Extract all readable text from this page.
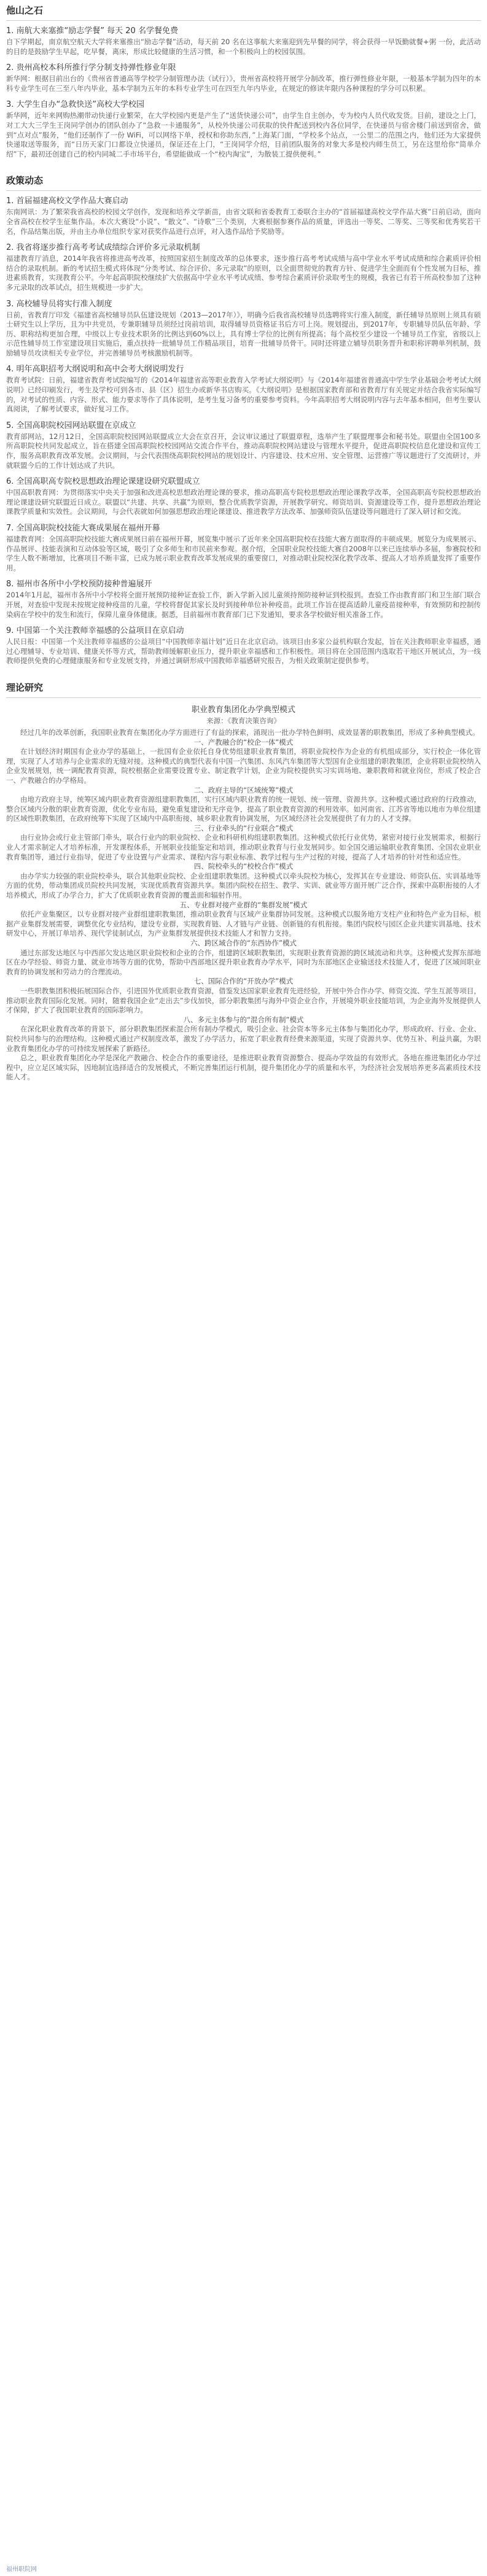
他山之石
1. 南航大来塞推“励志学餐” 每天 20 名学餐免费

自下学期起，南京航空航天大学将来塞推出“励志学餐”活动，每天前 20 名在这事航大来塞迎到先早餐的同学，将会获得一早饭勤就餐+粥 一份，此活动的目的是鼓励学生早起，吃早餐，离床，形成比较健康的生活习惯，和一个积极向上的校园氛围。

2. 贵州高校本科所推行学分制支持弹性修业年限

新华网：根据目前出台的《贵州省普通高等学校学分制管理办法（试行）》，贵州省高校将开展学分制改革，推行弹性修业年限，一般基本学制为四年的本科专业学生可在三至八年内毕业，基本学制为五年的本科专业学生可在四至九年内毕业，在规定的修读年限内各种课程的学分可以积累。

3. 大学生自办“急救快送”高校大学校园

新华网，近年来网购热潮带动快递行业繁荣，在大学校园内更是产生了“送货快递公司”，由学生自主创办，专为校内人员代收发货。目前，建设之上门，对工大大三学生王岗同学创办的团队创办了“急救一卡通服务”，从校外快递公司获取的快件配送到校内各位同学，在快递员与宿舍楼门前送到宿舍，做到“点对点”服务，“他们还制作了一份 WiFi，可以网络下单，授权和你助东西，”上海某门面，“学校多个站点，一公里二的范围之内，他们还为大家提供快递取送等服务，而“日历天家门口都设立快递员，保证还在上门，“王岗同学介绍，目前团队服务的对象大多是校内师生员工，另在这里给你“简单介绍”下，最初还创建自己的校内同城二手市场平台，希望能做成一个“校内淘宝”，为散装工提供便利。”

政策动态
1. 首届福建高校文学作品大赛启动

东南网讯：为了繁荣我省高校的校园文学创作，发现和培养文学新苗，由省文联和省委教育工委联合主办的“首届福建高校文学作品大赛”日前启动，面向全省高校在校学生征集作品。本次大赛设“小说”、“散文”、“诗歌”三个类别，大赛根据参赛作品的质量，评选出一等奖、二等奖、三等奖和优秀奖若干名，作品结集出版，并由主办单位组织专家对获奖作品进行点评，对入选作品给予奖励等。

2. 我省将逐步推行高考考试成绩综合评价多元录取机制

福建教育厅消息，2014年我省将推进高考改革，按照国家招生制度改革的总体要求，逐步推行高考考试成绩与高中学业水平考试成绩和综合素质评价相结合的录取机制。新的考试招生模式将体现“分类考试、综合评价、多元录取”的原则，以全面贯彻党的教育方针、促进学生全面而有个性发展为目标，推进素质教育，实现教育公平。今年起高职院校继续扩大依据高中学业水平考试成绩、参考综合素质评价录取考生的规模，我省已有若干所高校参加了这种多元录取的改革试点，招生规模进一步扩大。

3. 高校辅导员将实行准入制度

日前，省教育厅印发《福建省高校辅导员队伍建设规划（2013—2017年）》，明确今后我省高校辅导员选聘将实行准入制度，新任辅导员原则上须具有硕士研究生以上学历，且为中共党员，专兼职辅导员须经过岗前培训，取得辅导员资格证书后方可上岗。规划提出，到2017年，专职辅导员队伍年龄、学历、职称结构更加合理，中级以上专业技术职务的比例达到60%以上，具有博士学位的比例有所提高；每个高校至少建设一个辅导员工作室，省级以上示范性辅导员工作室建设项目实施后，重点扶持一批辅导员工作精品项目，培育一批辅导员骨干。同时还将建立辅导员职务晋升和职称评聘单列机制，鼓励辅导员攻读相关专业学位，并完善辅导员考核激励机制等。

4. 明年高职招考大纲说明和高中会考大纲说明发行

教育考试院：日前，福建省教育考试院编写的《2014年福建省高等职业教育入学考试大纲说明》与《2014年福建省普通高中学生学业基础会考考试大纲说明》已经印刷发行，考生及学校可到各市、县（区）招生办或新华书店购买。《大纲说明》是根据国家教育部和省教育厅有关规定并结合我省实际编写的，对考试的性质、内容、形式、能力要求等作了具体说明，是考生复习备考的重要参考资料。今年高职招考大纲说明内容与去年基本相同，但考生要认真阅读，了解考试要求，做好复习工作。

5. 全国高职院校园网站联盟在京成立

教育部网站，12月12日，全国高职院校园网站联盟成立大会在京召开，会议审议通过了联盟章程，选举产生了联盟理事会和秘书处。联盟由全国100多所高职院校共同发起成立，旨在搭建全国高职院校校园网站交流合作平台，推动高职院校网站建设与管理水平提升，促进高职院校信息化建设和宣传工作，服务高职教育改革发展。会议期间，与会代表围绕高职院校网站的规划设计、内容建设、技术应用、安全管理、运营推广等议题进行了交流研讨，并就联盟今后的工作计划达成了共识。

6. 全国高职高专院校思想政治理论课建设研究联盟成立

中国高职教育网：为贯彻落实中央关于加强和改进高校思想政治理论课的要求，推动高职高专院校思想政治理论课教学改革，全国高职高专院校思想政治理论课建设研究联盟近日成立。联盟以“共建、共享、共赢”为原则，整合优质教学资源，开展教学研究、师资培训、资源建设等工作，提升思想政治理论课教学质量和实效性。会议期间，与会代表就如何加强思想政治理论课建设、推进教学方法改革、加强师资队伍建设等问题进行了深入研讨和交流。

7. 全国高职院校技能大赛成果展在福州开幕

福建教育网：全国高职院校技能大赛成果展日前在福州开幕，展览集中展示了近年来全国高职院校在技能大赛方面取得的丰硕成果。展览分为成果展示、作品展评、技能表演和互动体验等区域，吸引了众多师生和市民前来参观。据介绍，全国职业院校技能大赛自2008年以来已连续举办多届，参赛院校和学生人数不断增加，比赛项目不断丰富，已成为展示职业教育改革发展成果的重要窗口，对推动职业院校深化教学改革、提高人才培养质量发挥了重要作用。

8. 福州市各所中小学校预防接种普遍展开

2014年1月起，福州市各所中小学校将全面开展预防接种证查验工作，新入学新入园儿童须持预防接种证到校报到。查验工作由教育部门和卫生部门联合开展，对查验中发现未按规定接种疫苗的儿童，学校将督促其家长及时到接种单位补种疫苗。此项工作旨在提高适龄儿童疫苗接种率，有效预防和控制传染病在学校中的发生和流行，保障儿童身体健康。据悉，目前福州市教育部门已下发通知，要求各学校做好相关准备工作。

9. 中国第一个关注教师幸福感的公益项目在京启动

人民日报：中国第一个关注教师幸福感的公益项目“中国教师幸福计划”近日在北京启动。该项目由多家公益机构联合发起，旨在关注教师职业幸福感，通过心理辅导、专业培训、健康关怀等方式，帮助教师缓解职业压力，提升职业幸福感和工作积极性。项目将在全国范围内选取若干地区开展试点，为一线教师提供免费的心理健康服务和专业发展支持，并通过调研形成中国教师幸福感研究报告，为相关政策制定提供参考。

理论研究
职业教育集团化办学典型模式
来源：《教育决策咨询》

经过几年的改革创新，我国职业教育在集团化办学方面进行了有益的探索，涌现出一批办学特色鲜明、成效显著的职教集团，形成了多种典型模式。

一、产教融合的“校企一体”模式

在计划经济时期国有企业办学的基础上，一批国有企业依托自身优势组建职业教育集团，将职业院校作为企业的有机组成部分，实行校企一体化管理，实现了人才培养与企业需求的无缝对接。这种模式的典型代表有中国一汽集团、东风汽车集团等大型国有企业组建的职教集团，企业将职业院校纳入企业发展规划，统一调配教育资源，院校根据企业需要设置专业、制定教学计划，企业为院校提供实习实训场地、兼职教师和就业岗位，形成了校企合一、产教融合的办学格局。

二、政府主导的“区域统筹”模式

由地方政府主导，统筹区域内职业教育资源组建职教集团，实行区域内职业教育的统一规划、统一管理、资源共享。这种模式通过政府的行政推动，整合区域内分散的职业教育资源，优化专业布局，避免重复建设和无序竞争，提高了职业教育资源的利用效率。如河南省、江苏省等地以地市为单位组建的区域性职教集团，在政府统筹下实现了区域内中高职衔接、城乡职业教育协调发展，为区域经济社会发展提供了有力的人才支撑。

三、行业牵头的“行业联合”模式

由行业协会或行业主管部门牵头，联合行业内的职业院校、企业和科研机构组建职教集团。这种模式依托行业优势，紧密对接行业发展需求，根据行业人才需求制定人才培养标准，开发课程体系，开展职业技能鉴定和培训，推动职业教育与行业发展同步。如全国交通运输职业教育集团、全国农业职业教育集团等，通过行业指导，促进了专业设置与产业需求、课程内容与职业标准、教学过程与生产过程的对接，提高了人才培养的针对性和适应性。

四、院校牵头的“校校合作”模式

由办学实力较强的职业院校牵头，联合其他职业院校、企业组建职教集团。这种模式以牵头院校为核心，发挥其在专业建设、师资队伍、实训基地等方面的优势，带动集团成员院校共同发展，实现优质教育资源共享。集团内院校在招生、教学、实训、就业等方面开展广泛合作，探索中高职衔接的人才培养模式，形成了办学合力，扩大了优质职业教育资源的覆盖面和辐射作用。

五、专业群对接产业群的“集群发展”模式

依托产业集聚区，以专业群对接产业群组建职教集团，推动职业教育与区域产业集群协同发展。这种模式以服务地方支柱产业和特色产业为目标，根据产业集群发展需要，调整优化专业结构，建设专业群，实现教育链、人才链与产业链、创新链的有机衔接。集团内院校与园区企业共建实训基地、技术研发中心，开展订单培养、现代学徒制试点，为产业集群发展提供技术技能人才和智力支持。

六、跨区域合作的“东西协作”模式

通过东部发达地区与中西部欠发达地区职业院校和企业的合作，组建跨区域职教集团，实现职业教育资源的跨区域流动和共享。这种模式发挥东部地区在办学经验、师资力量、就业市场等方面的优势，帮助中西部地区提升职业教育办学水平，同时为东部地区企业输送技术技能人才，促进了区域间职业教育的协调发展和劳动力的合理流动。

七、国际合作的“开放办学”模式

一些职教集团积极拓展国际合作，引进国外优质职业教育资源，借鉴发达国家职业教育先进经验，开展中外合作办学、师资交流、学生互派等项目，推动职业教育国际化发展。同时，随着我国企业“走出去”步伐加快，部分职教集团与海外中资企业合作，开展境外职业技能培训，为企业海外发展提供人才保障，扩大了我国职业教育的国际影响力。

八、多元主体参与的“混合所有制”模式

在深化职业教育改革的背景下，部分职教集团探索混合所有制办学模式，吸引企业、社会资本等多元主体参与集团化办学，形成政府、行业、企业、院校共同参与的治理结构。这种模式通过产权制度改革，激发了办学活力，拓宽了职业教育经费来源渠道，实现了资源共享、优势互补、利益共赢，为职业教育集团化办学的可持续发展探索了新路径。

总之，职业教育集团化办学是深化产教融合、校企合作的重要途径，是推进职业教育资源整合、提高办学效益的有效形式。各地在推进集团化办学过程中，应立足区域实际，因地制宜选择适合的发展模式，不断完善集团运行机制，提升集团化办学的质量和水平，为经济社会发展培养更多高素质技术技能人才。

福州职院网
